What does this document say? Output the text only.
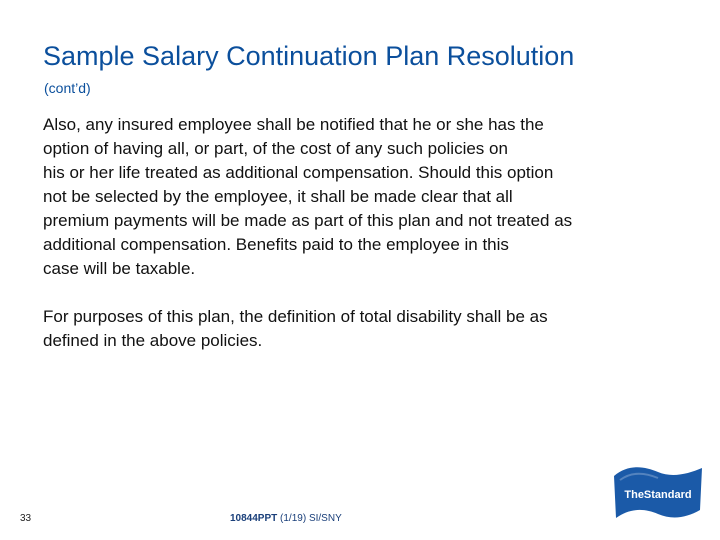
Sample Salary Continuation Plan Resolution
(cont’d)

Also, any insured employee shall be notified that he or she has the
option of having all, or part, of the cost of any such policies on
his or her life treated as additional compensation. Should this option
not be selected by the employee, it shall be made clear that all
premium payments will be made as part of this plan and not treated as
additional compensation. Benefits paid to the employee in this
case will be taxable.

For purposes of this plan, the definition of total disability shall be as
defined in the above policies.

33	10844PPT (1/19) SI/SNY
TheStandard
